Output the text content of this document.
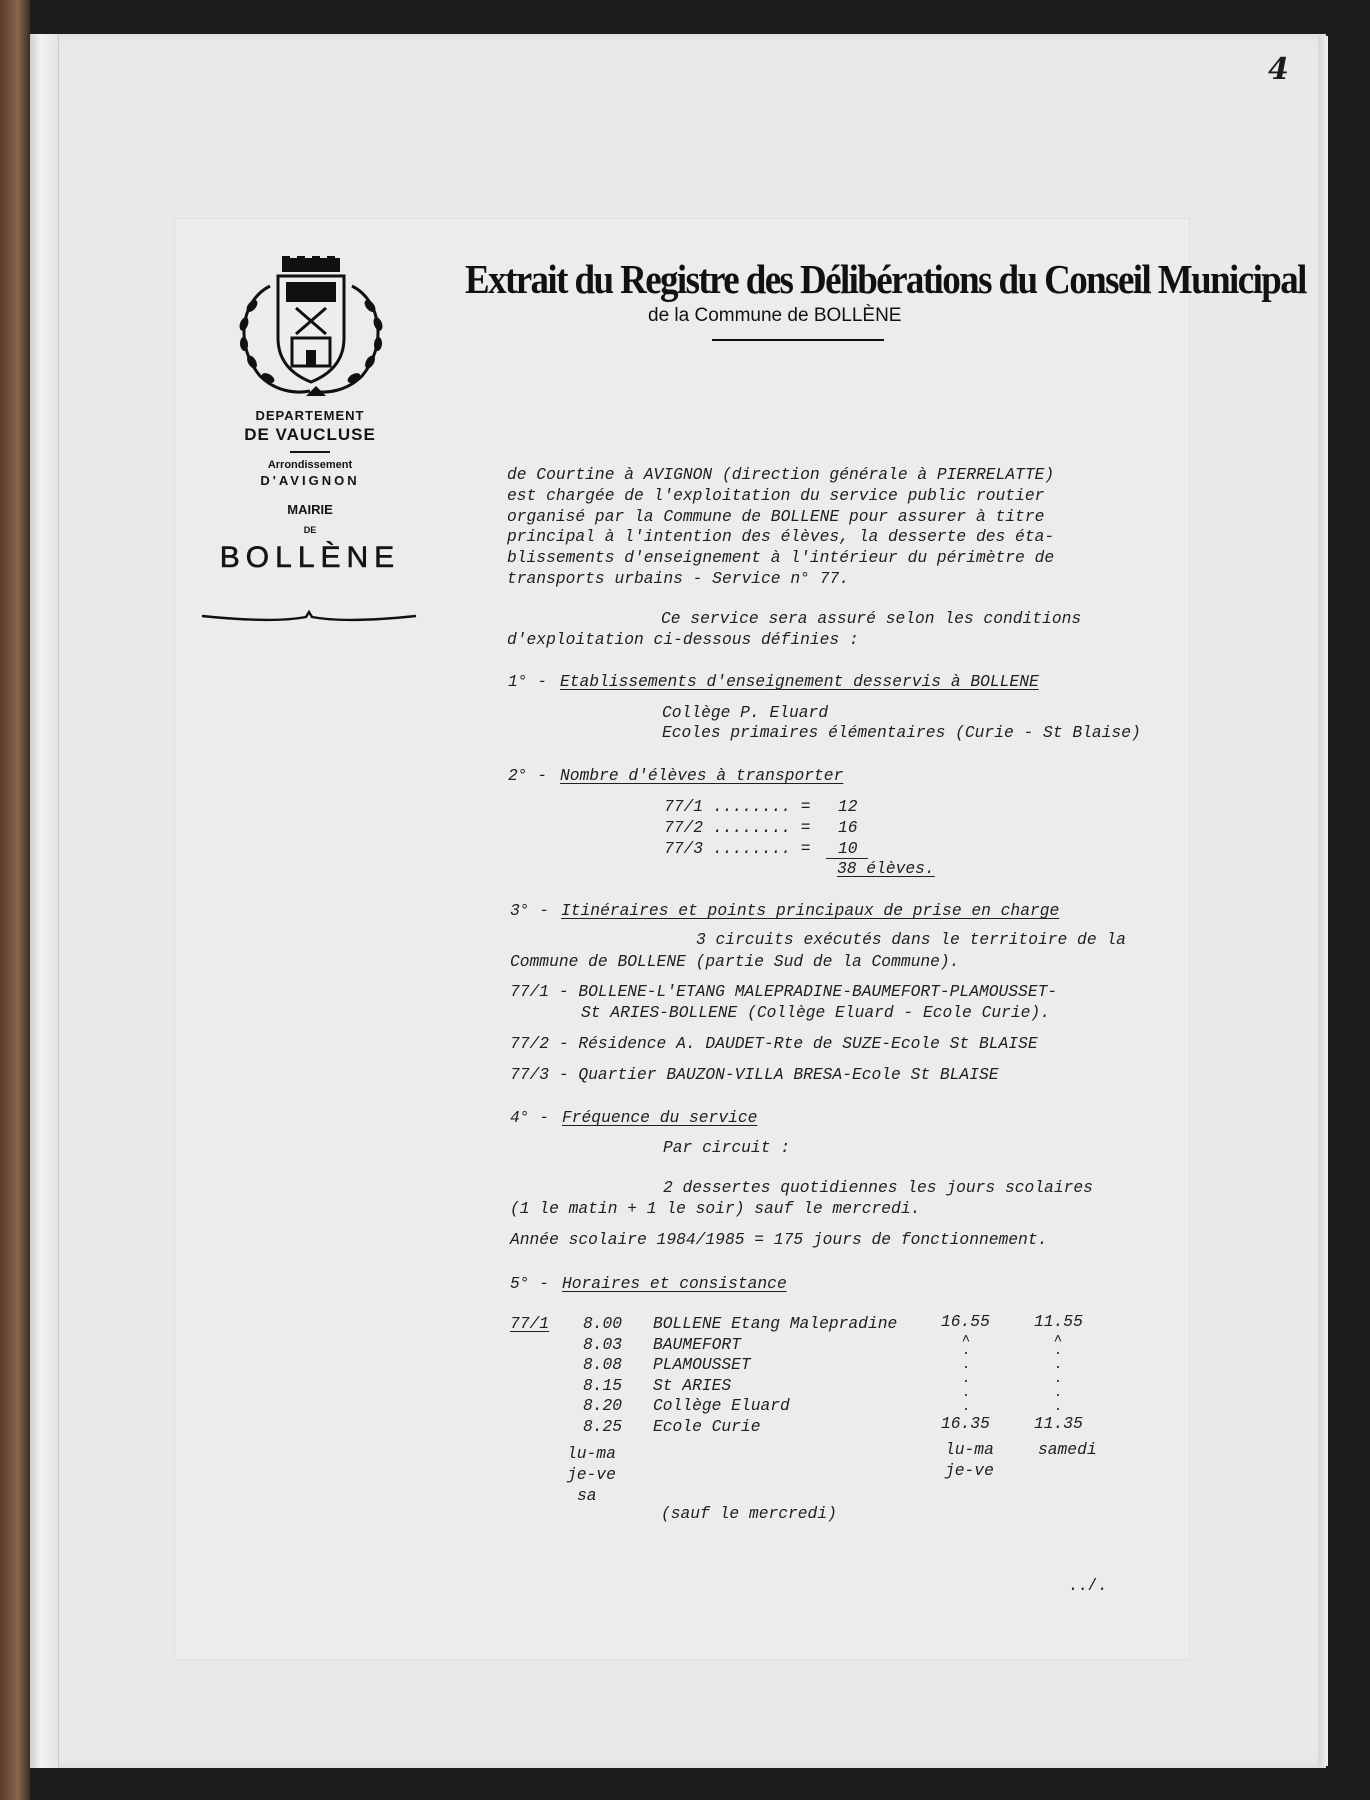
4
DEPARTEMENT
DE VAUCLUSE
Arrondissement
D'AVIGNON
MAIRIE
DE
BOLLÈNE
Extrait du Registre des Délibérations du Conseil Municipal
de la Commune de BOLLÈNE
de Courtine à AVIGNON (direction générale à PIERRELATTE)
est chargée de l'exploitation du service public routier
organisé par la Commune de BOLLENE pour assurer à titre
principal à l'intention des élèves, la desserte des éta-
blissements d'enseignement à l'intérieur du périmètre de
transports urbains - Service n° 77.
Ce service sera assuré selon les conditions
d'exploitation ci-dessous définies :
1° - Etablissements d'enseignement desservis à BOLLENE
Collège P. Eluard
Ecoles primaires élémentaires (Curie - St Blaise)
2° - Nombre d'élèves à transporter
77/1 ........ = 12
77/2 ........ = 16
77/3 ........ = 10
38 élèves.
3° - Itinéraires et points principaux de prise en charge
3 circuits exécutés dans le territoire de la
Commune de BOLLENE (partie Sud de la Commune).
77/1 - BOLLENE-L'ETANG MALEPRADINE-BAUMEFORT-PLAMOUSSET-
St ARIES-BOLLENE (Collège Eluard - Ecole Curie).
77/2 - Résidence A. DAUDET-Rte de SUZE-Ecole St BLAISE
77/3 - Quartier BAUZON-VILLA BRESA-Ecole St BLAISE
4° - Fréquence du service
Par circuit :
2 dessertes quotidiennes les jours scolaires
(1 le matin + 1 le soir) sauf le mercredi.
Année scolaire 1984/1985 = 175 jours de fonctionnement.
5° - Horaires et consistance
77/1 8.00 BOLLENE Etang Malepradine
8.03 BAUMEFORT
8.08 PLAMOUSSET
8.15 St ARIES
8.20 Collège Eluard
8.25 Ecole Curie
16.55
˄
·
·
·
·
·
16.35
11.55
˄
·
·
·
·
·
11.35
lu-ma
je-ve
sa
lu-ma
je-ve
samedi
(sauf le mercredi)
../.
